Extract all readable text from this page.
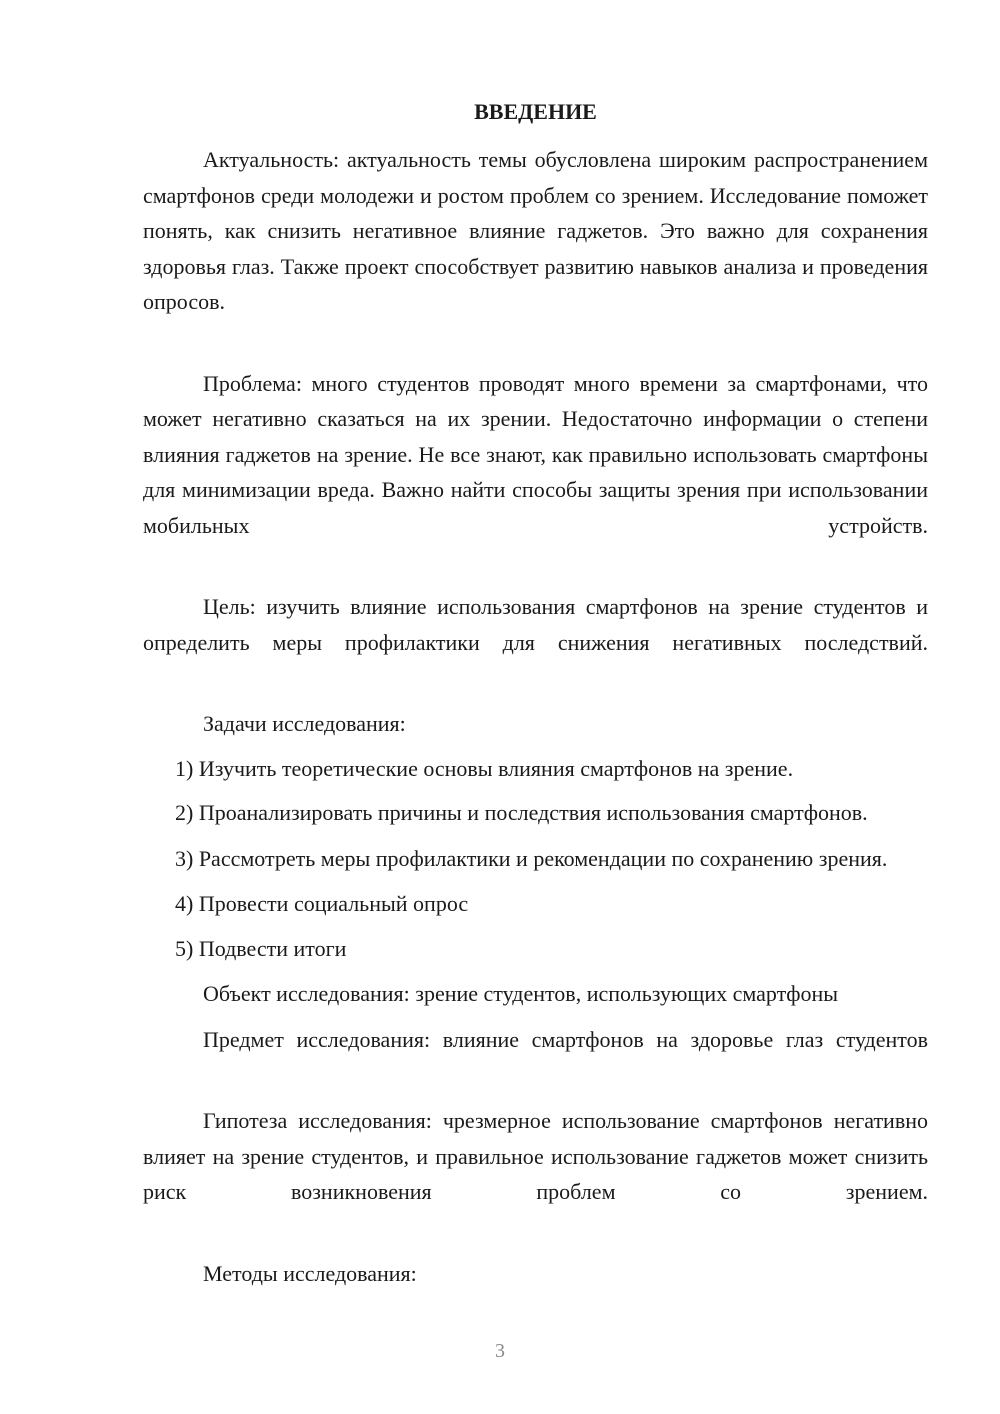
ВВЕДЕНИЕ

Актуальность: актуальность темы обусловлена широким распространением смартфонов среди молодежи и ростом проблем со зрением. Исследование поможет понять, как снизить негативное влияние гаджетов. Это важно для сохранения здоровья глаз. Также проект способствует развитию навыков анализа и проведения опросов.

Проблема: много студентов проводят много времени за смартфонами, что может негативно сказаться на их зрении. Недостаточно информации о степени влияния гаджетов на зрение. Не все знают, как правильно использовать смартфоны для минимизации вреда. Важно найти способы защиты зрения при использовании мобильных устройств.

Цель: изучить влияние использования смартфонов на зрение студентов и определить меры профилактики для снижения негативных последствий.

Задачи исследования:

1) Изучить теоретические основы влияния смартфонов на зрение.

2) Проанализировать причины и последствия использования смартфонов.

3) Рассмотреть меры профилактики и рекомендации по сохранению зрения.

4) Провести социальный опрос

5) Подвести итоги

Объект исследования: зрение студентов, использующих смартфоны

Предмет исследования: влияние смартфонов на здоровье глаз студентов

Гипотеза исследования: чрезмерное использование смартфонов негативно влияет на зрение студентов, и правильное использование гаджетов может снизить риск возникновения проблем со зрением.

Методы исследования:

3
